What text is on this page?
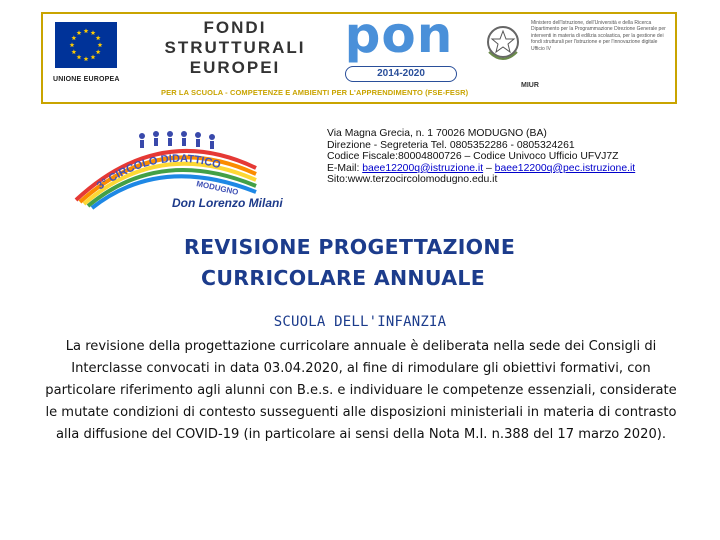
UNIONE EUROPEA
FONDI
STRUTTURALI
EUROPEI
pon
2014-2020
MIUR
Ministero dell'Istruzione, dell'Università e della Ricerca Dipartimento per la Programmazione Direzione Generale per interventi in materia di edilizia scolastica, per la gestione dei fondi strutturali per l'istruzione e per l'innovazione digitale Ufficio IV
PER LA SCUOLA - COMPETENZE E AMBIENTI PER L'APPRENDIMENTO (FSE-FESR)
3° CIRCOLO DIDATTICO
MODUGNO
Don Lorenzo Milani
Via Magna Grecia, n. 1 70026 MODUGNO (BA)
Direzione - Segreteria Tel. 0805352286 - 0805324261
Codice Fiscale:80004800726 – Codice Univoco Ufficio UFVJ7Z
E-Mail: baee12200q@istruzione.it – baee12200q@pec.istruzione.it
Sito:www.terzocircolomodugno.edu.it
REVISIONE PROGETTAZIONE
CURRICOLARE ANNUALE
SCUOLA DELL'INFANZIA
La revisione della progettazione curricolare annuale è deliberata nella sede dei Consigli di Interclasse convocati in data 03.04.2020, al fine di rimodulare gli obiettivi formativi, con particolare riferimento agli alunni con B.e.s. e individuare le competenze essenziali, considerate le mutate condizioni di contesto susseguenti alle disposizioni ministeriali in materia di contrasto alla diffusione del COVID-19 (in particolare ai sensi della Nota M.I. n.388 del 17 marzo 2020).
